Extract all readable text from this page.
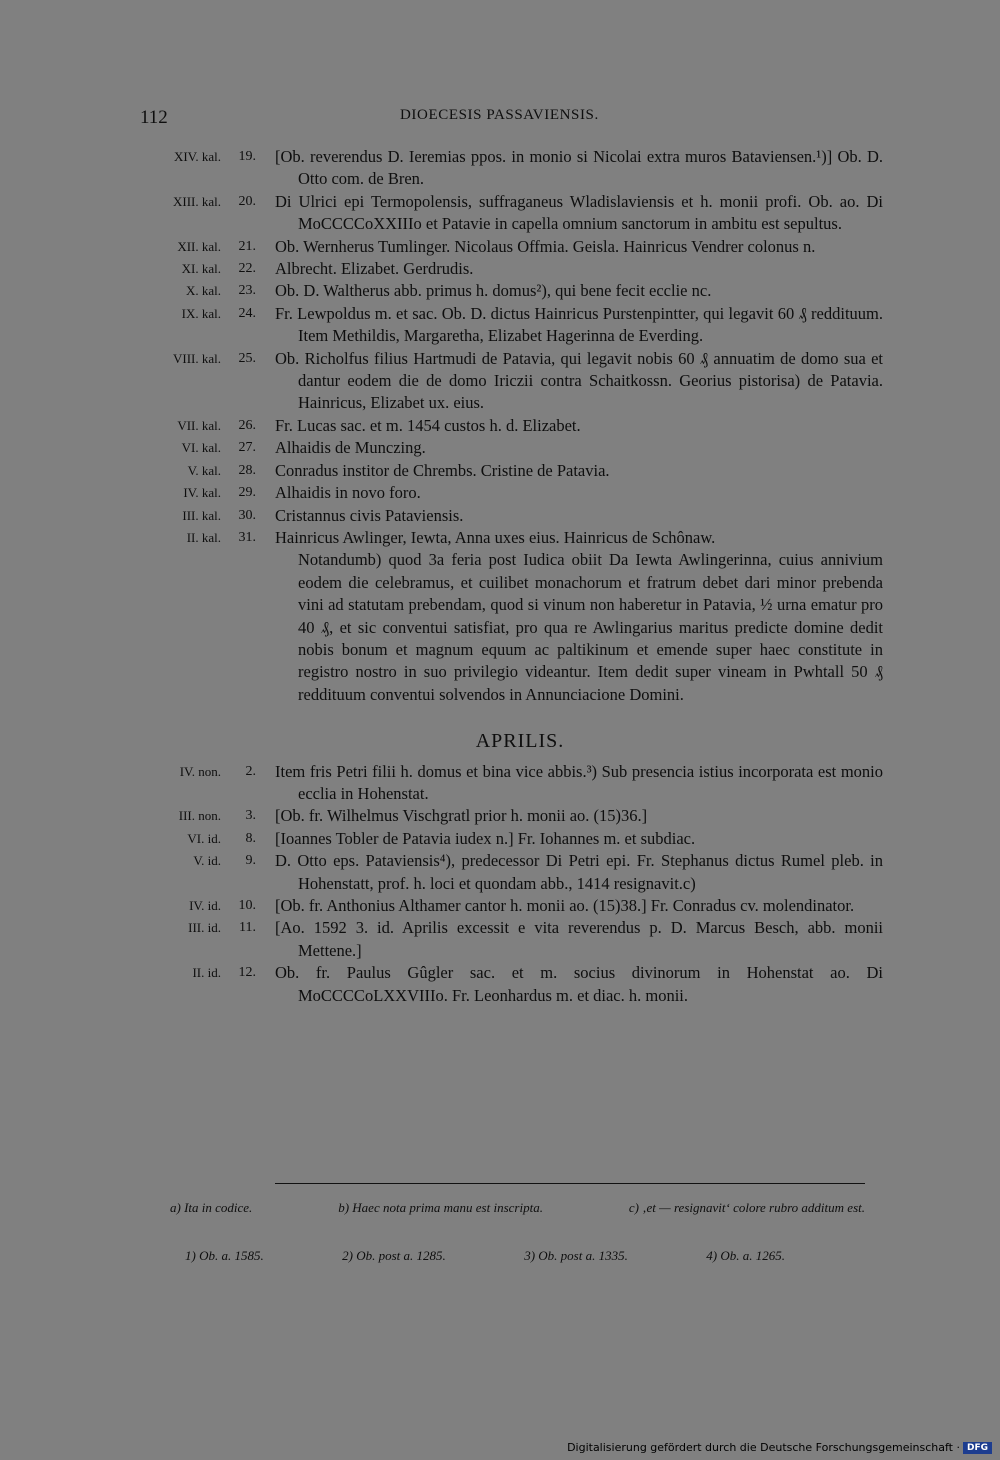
112	DIOECESIS PASSAVIENSIS.
XIV. kal.	19. [Ob. reverendus D. Ieremias ppos. in monio si Nicolai extra muros Bataviensen.¹)] Ob. D. Otto com. de Bren.
XIII. kal.	20. Di Ulrici epi Termopolensis, suffraganeus Wladislaviensis et h. monii profi. Ob. ao. Di MoCCCCoXXIIIo et Patavie in capella omnium sanctorum in ambitu est sepultus.
XII. kal.	21. Ob. Wernherus Tumlinger. Nicolaus Offmia. Geisla. Hainricus Vendrer colonus n.
XI. kal.	22. Albrecht. Elizabet. Gerdrudis.
X. kal.	23. Ob. D. Waltherus abb. primus h. domus²), qui bene fecit ecclie nc.
IX. kal.	24. Fr. Lewpoldus m. et sac. Ob. D. dictus Hainricus Purstenpintter, qui legavit 60 ₰ reddituum. Item Methildis, Margaretha, Elizabet Hagerinna de Everding.
VIII. kal.	25. Ob. Richolfus filius Hartmudi de Patavia, qui legavit nobis 60 ₰ annuatim de domo sua et dantur eodem die de domo Iriczii contra Schaitkossn. Georius pistorisa) de Patavia. Hainricus, Elizabet ux. eius.
VII. kal.	26. Fr. Lucas sac. et m. 1454 custos h. d. Elizabet.
VI. kal.	27. Alhaidis de Munczing.
V. kal.	28. Conradus institor de Chrembs. Cristine de Patavia.
IV. kal.	29. Alhaidis in novo foro.
III. kal.	30. Cristannus civis Pataviensis.
II. kal.	31. Hainricus Awlinger, Iewta, Anna uxes eius. Hainricus de Schônaw.
Notandumb) quod 3a feria post Iudica obiit Da Iewta Awlingerinna, cuius annivium eodem die celebramus, et cuilibet monachorum et fratrum debet dari minor prebenda vini ad statutam prebendam, quod si vinum non haberetur in Patavia, ½ urna ematur pro 40 ₰, et sic conventui satisfiat, pro qua re Awlingarius maritus predicte domine dedit nobis bonum et magnum equum ac paltikinum et emende super haec constitute in registro nostro in suo privilegio videantur. Item dedit super vineam in Pwhtall 50 ₰ reddituum conventui solvendos in Annunciacione Domini.
APRILIS.
IV. non.	2. Item fris Petri filii h. domus et bina vice abbis.³) Sub presencia istius incorporata est monio ecclia in Hohenstat.
III. non.	3. [Ob. fr. Wilhelmus Vischgratl prior h. monii ao. (15)36.]
VI. id.	8. [Ioannes Tobler de Patavia iudex n.] Fr. Iohannes m. et subdiac.
V. id.	9. D. Otto eps. Pataviensis⁴), predecessor Di Petri epi. Fr. Stephanus dictus Rumel pleb. in Hohenstatt, prof. h. loci et quondam abb., 1414 resignavit.c)
IV. id.	10. [Ob. fr. Anthonius Althamer cantor h. monii ao. (15)38.] Fr. Conradus cv. molendinator.
III. id.	11. [Ao. 1592 3. id. Aprilis excessit e vita reverendus p. D. Marcus Besch, abb. monii Mettene.]
II. id.	12. Ob. fr. Paulus Gûgler sac. et m. socius divinorum in Hohenstat ao. Di MoCCCCoLXXVIIIo. Fr. Leonhardus m. et diac. h. monii.
a) Ita in codice.	b) Haec nota prima manu est inscripta.	c) ‚et — resignavit‘ colore rubro additum est.
1) Ob. a. 1585.	2) Ob. post a. 1285.	3) Ob. post a. 1335.	4) Ob. a. 1265.
Digitalisierung gefördert durch die Deutsche Forschungsgemeinschaft · DFG
